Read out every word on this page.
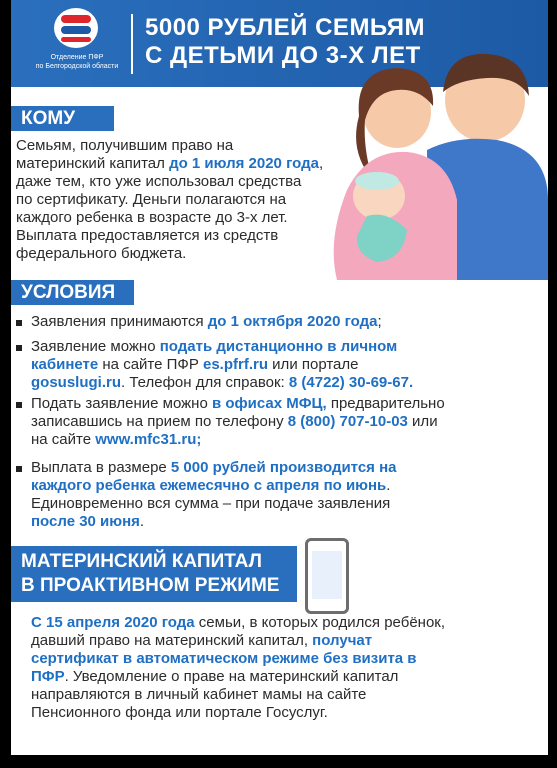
Отделение ПФР
по Белгородской области
5000 РУБЛЕЙ СЕМЬЯМ
С ДЕТЬМИ ДО 3-Х ЛЕТ
КОМУ
Семьям, получившим право на
материнский капитал до 1 июля 2020 года,
даже тем, кто уже использовал средства
по сертификату. Деньги полагаются на
каждого ребенка в возрасте до 3-х лет.
Выплата предоставляется из средств
федерального бюджета.
УСЛОВИЯ
Заявления принимаются до 1 октября 2020 года;
Заявление можно подать дистанционно в личном
кабинете на сайте ПФР es.pfrf.ru или портале
gosuslugi.ru. Телефон для справок: 8 (4722) 30-69-67.
Подать заявление можно в офисах МФЦ, предварительно
записавшись на прием по телефону 8 (800) 707-10-03 или
на сайте www.mfc31.ru;
Выплата в размере 5 000 рублей производится на
каждого ребенка ежемесячно с апреля по июнь.
Единовременно вся сумма – при подаче заявления
после 30 июня.
МАТЕРИНСКИЙ КАПИТАЛ
В ПРОАКТИВНОМ РЕЖИМЕ
С 15 апреля 2020 года семьи, в которых родился ребёнок,
давший право на материнский капитал, получат
сертификат в автоматическом режиме без визита в
ПФР. Уведомление о праве на материнский капитал
направляются в личный кабинет мамы на сайте
Пенсионного фонда или портале Госуслуг.
